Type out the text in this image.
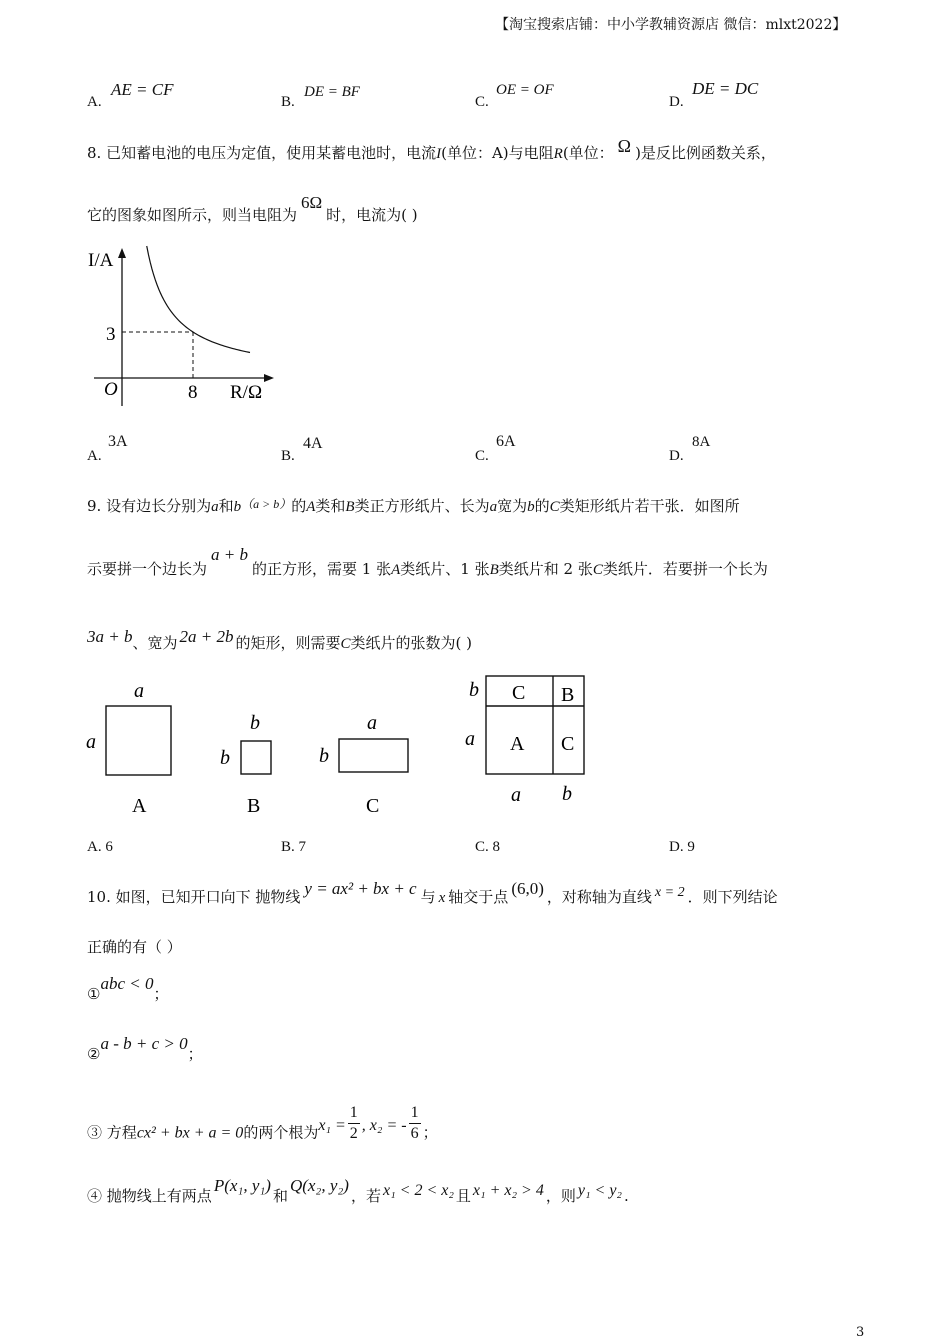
【淘宝搜索店铺：中小学教辅资源店 微信：mlxt2022】
A.
AE = CF
B.
DE = BF
C.
OE = OF
D.
DE = DC
8. 已知蓄电池的电压为定值，使用某蓄电池时，电流I(单位：A)与电阻R(单位： Ω )是反比例函数关系，
它的图象如图所示，则当电阻为6Ω时，电流为( )
I/A
R/Ω
O
3
8
A.
3A
B.
4A
C.
6A
D.
8A
9. 设有边长分别为a和$b^{(a > b)}$的A类和B类正方形纸片、长为a宽为b的C类矩形纸片若干张．如图所
示要拼一个边长为a + b的正方形，需要 1 张A类纸片、1 张B类纸片和 2 张C类纸片．若要拼一个长为
3a + b、宽为 2a + 2b 的矩形，则需要C类纸片的张数为( )
a
a
A
b
b
B
a
b
C
C B
A C
b
a
a b
A. 6	B. 7	C. 8	D. 9
10. 如图，已知开口向下 抛物线 y = ax² + bx + c 与 x 轴交于点 (6,0) ，对称轴为直线 x = 2 ．则下列结论
正确的有（ ）
①abc < 0；
②a - b + c > 0；
③ 方程cx² + bx + a = 0的两个根为$x_1 = \frac{1}{2}$ , x₂ = - $\frac{1}{6}$ ；
④ 抛物线上有两点P(x₁, y₁)和Q(x₂, y₂)，若 x₁ < 2 < x₂ 且 x₁ + x₂ > 4 ，则 y₁ < y₂ .
3
